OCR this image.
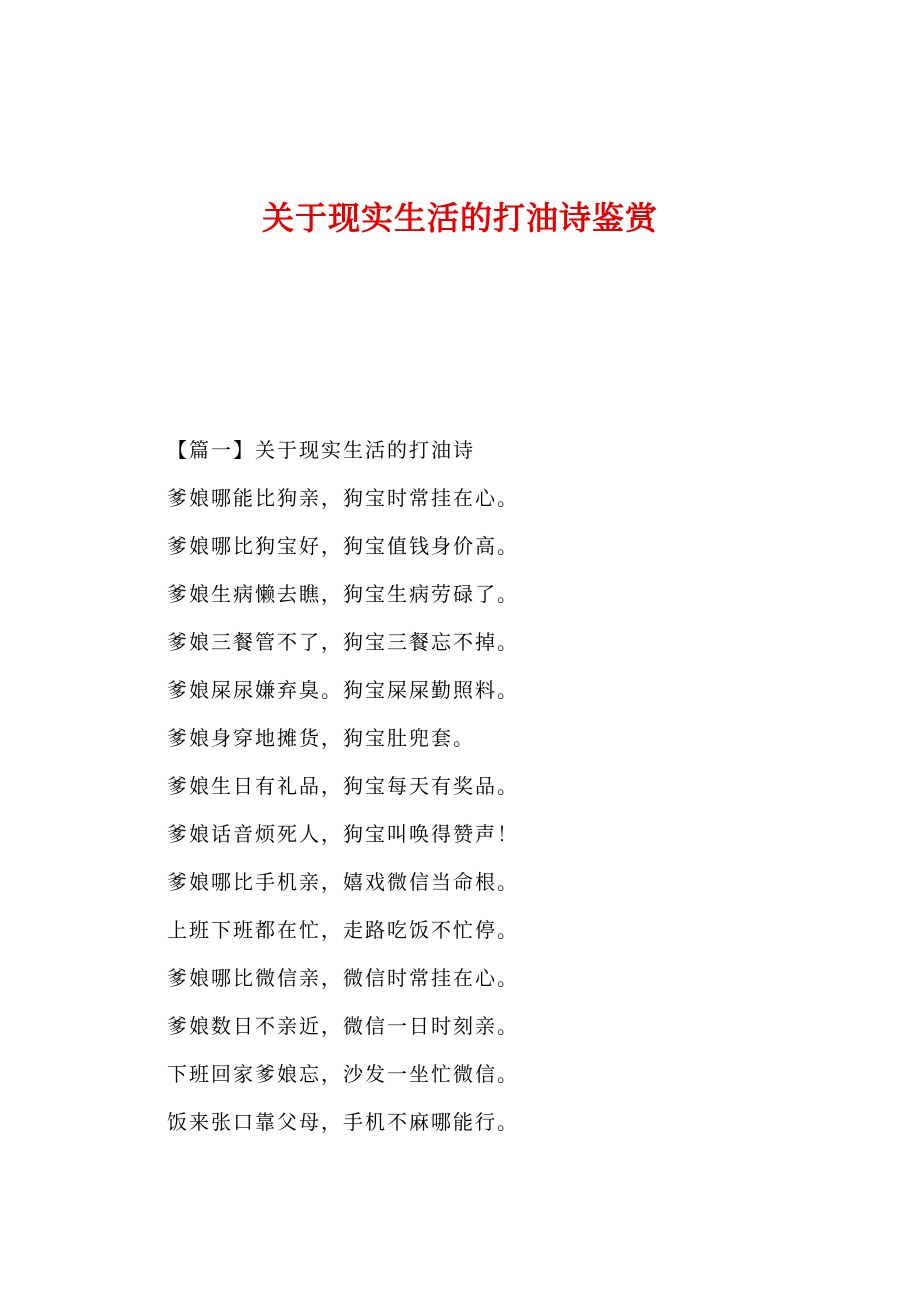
关于现实生活的打油诗鉴赏
【篇一】关于现实生活的打油诗
爹娘哪能比狗亲，狗宝时常挂在心。
爹娘哪比狗宝好，狗宝值钱身价高。
爹娘生病懒去瞧，狗宝生病劳碌了。
爹娘三餐管不了，狗宝三餐忘不掉。
爹娘屎尿嫌弃臭。狗宝屎屎勤照料。
爹娘身穿地摊货，狗宝肚兜套。
爹娘生日有礼品，狗宝每天有奖品。
爹娘话音烦死人，狗宝叫唤得赞声！
爹娘哪比手机亲，嬉戏微信当命根。
上班下班都在忙，走路吃饭不忙停。
爹娘哪比微信亲，微信时常挂在心。
爹娘数日不亲近，微信一日时刻亲。
下班回家爹娘忘，沙发一坐忙微信。
饭来张口靠父母，手机不麻哪能行。
